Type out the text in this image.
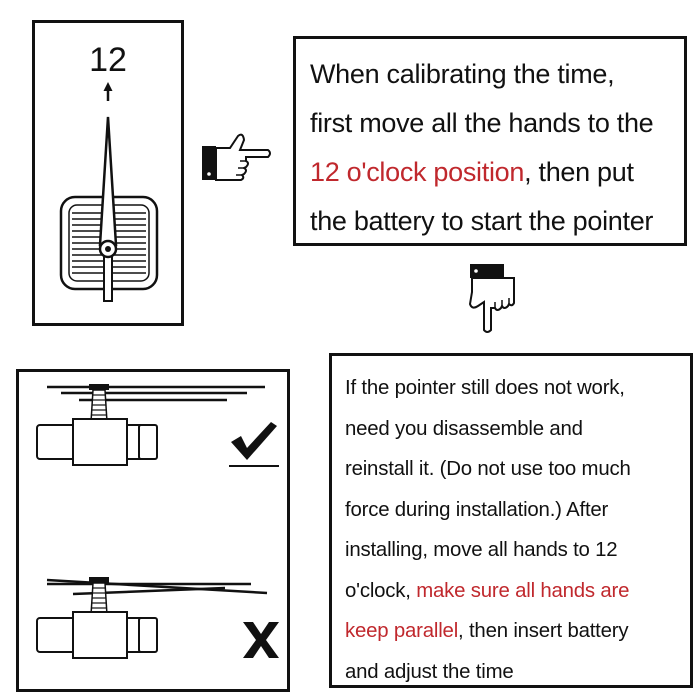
12	When calibrating the time,

first move all the hands to the

12 o'clock position, then put

the battery to start the pointer

If the pointer still does not work,

need you disassemble and

reinstall it. (Do not use too much

force during installation.) After

installing, move all hands to 12

o'clock, make sure all hands are

keep parallel, then insert battery

and adjust the time
